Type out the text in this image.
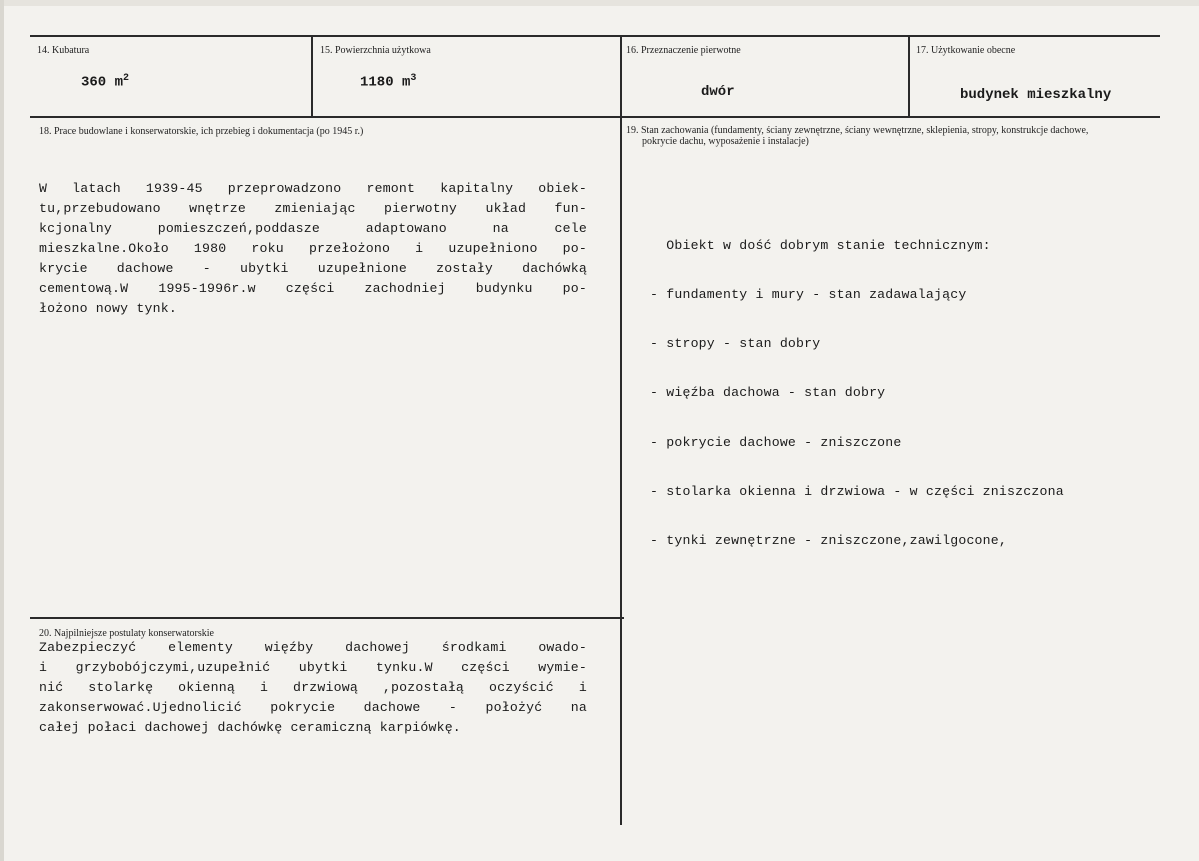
14. Kubatura
360 $m^2$
15. Powierzchnia użytkowa
1180 $m^3$
16. Przeznaczenie pierwotne
dwór
17. Użytkowanie obecne
budynek mieszkalny
18. Prace budowlane i konserwatorskie, ich przebieg i dokumentacja (po 1945 r.)

W latach 1939-45 przeprowadzono remont kapitalny obiek-

tu,przebudowano wnętrze zmieniając pierwotny układ fun-

kcjonalny pomieszczeń,poddasze adaptowano na cele

mieszkalne.Około 1980 roku przełożono i uzupełniono po-

krycie dachowe - ubytki uzupełnione zostały dachówką

cementową.W 1995-1996r.w części zachodniej budynku po-

łożono nowy tynk.

19. Stan zachowania (fundamenty, ściany zewnętrzne, ściany wewnętrzne, sklepienia, stropy, konstrukcje dachowe,
pokrycie dachu, wyposażenie i instalacje)

Obiekt w dość dobrym stanie technicznym:

- fundamenty i mury - stan zadawalający

- stropy - stan dobry

- więźba dachowa - stan dobry

- pokrycie dachowe - zniszczone

- stolarka okienna i drzwiowa - w części zniszczona

- tynki zewnętrzne - zniszczone,zawilgocone,

20. Najpilniejsze postulaty konserwatorskie

Zabezpieczyć elementy więźby dachowej środkami owado-

i grzybobójczymi,uzupełnić ubytki tynku.W części wymie-

nić stolarkę okienną i drzwiową ,pozostałą oczyścić i

zakonserwować.Ujednolicić pokrycie dachowe - położyć na

całej połaci dachowej dachówkę ceramiczną karpiówkę.
